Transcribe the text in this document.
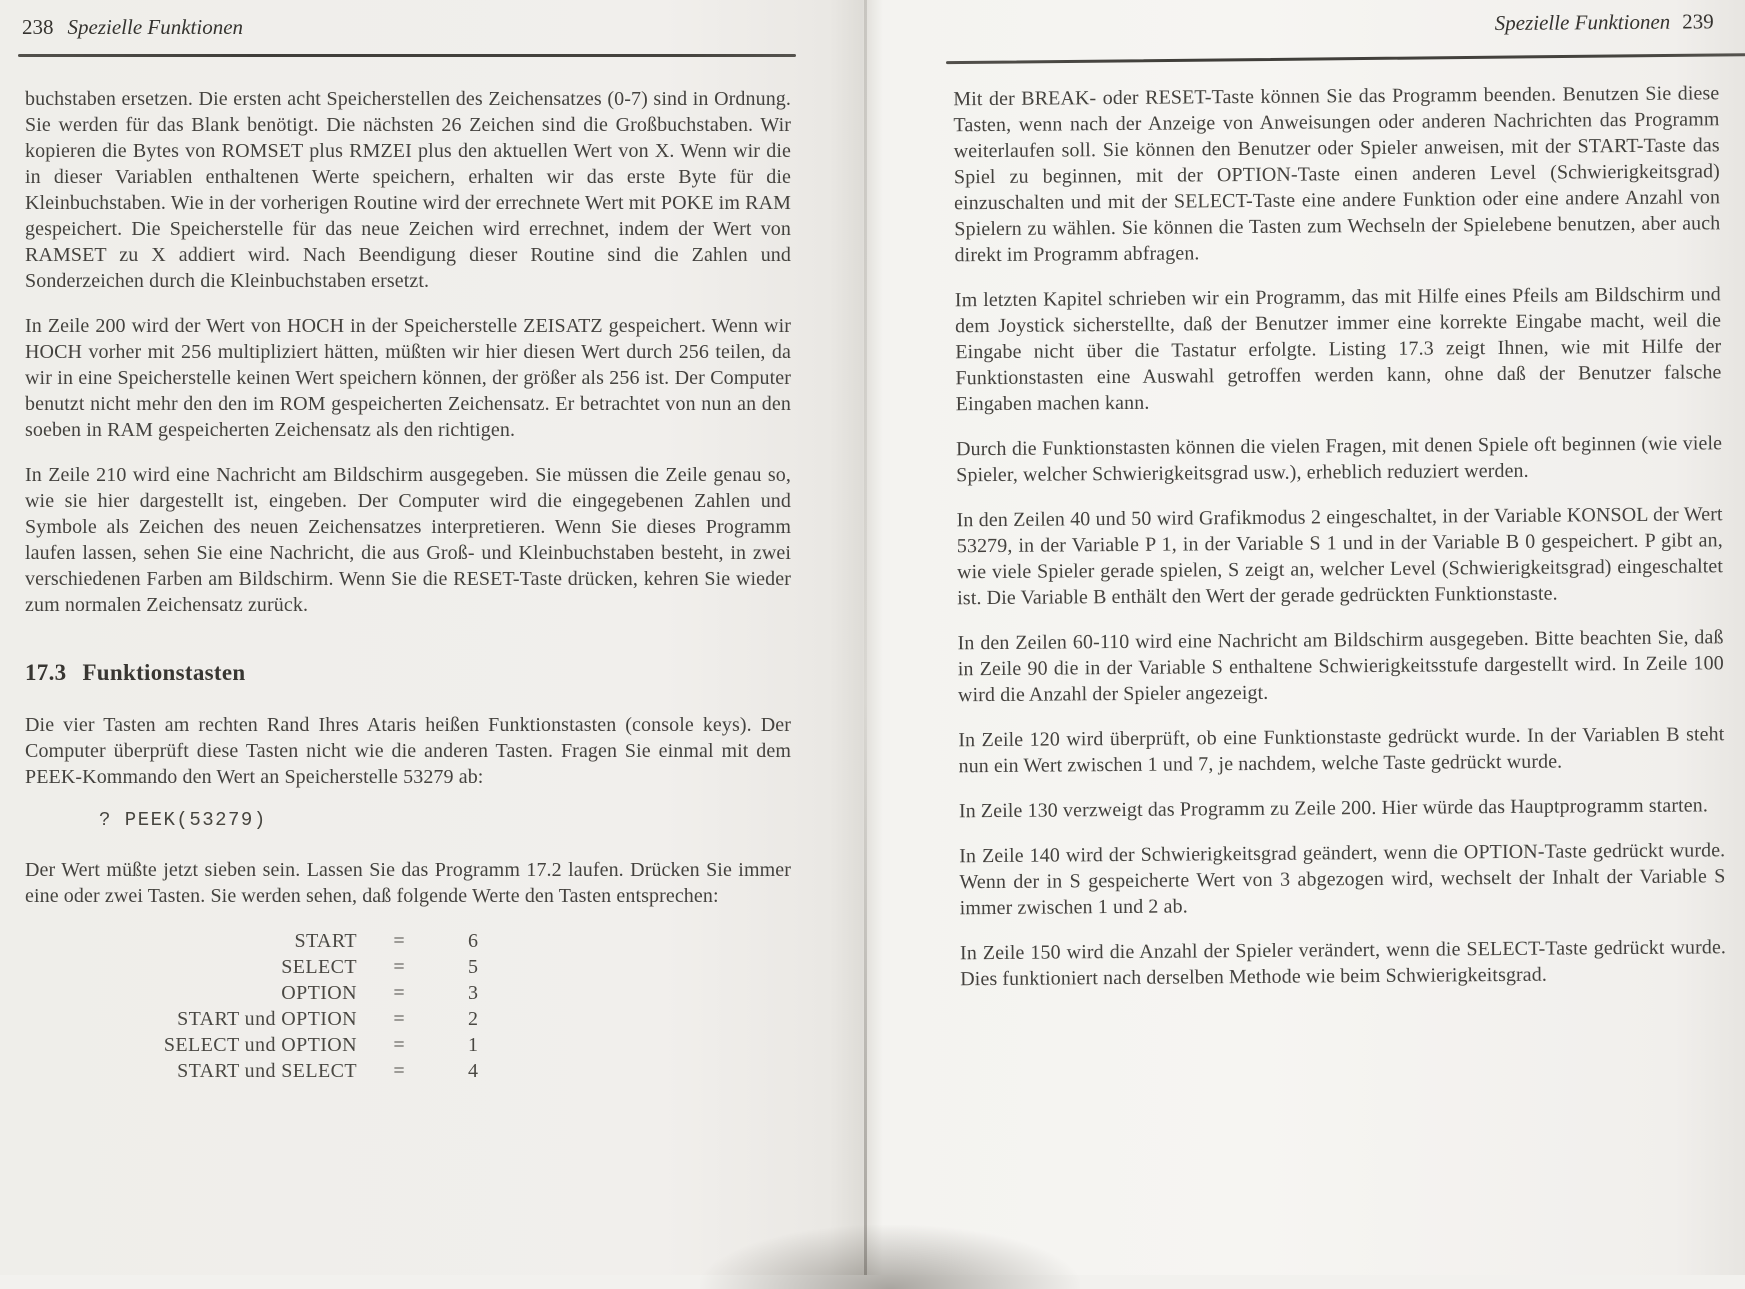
238 Spezielle Funktionen

buchstaben ersetzen. Die ersten acht Speicherstellen des Zeichensatzes (0-7) sind in Ordnung. Sie werden für das Blank benötigt. Die nächsten 26 Zeichen sind die Großbuchstaben. Wir kopieren die Bytes von ROMSET plus RMZEI plus den aktuellen Wert von X. Wenn wir die in dieser Variablen enthaltenen Werte speichern, erhalten wir das erste Byte für die Kleinbuchstaben. Wie in der vorherigen Routine wird der errechnete Wert mit POKE im RAM gespeichert. Die Speicherstelle für das neue Zeichen wird errechnet, indem der Wert von RAMSET zu X addiert wird. Nach Beendigung dieser Routine sind die Zahlen und Sonderzeichen durch die Kleinbuchstaben ersetzt.

In Zeile 200 wird der Wert von HOCH in der Speicherstelle ZEISATZ gespeichert. Wenn wir HOCH vorher mit 256 multipliziert hätten, müßten wir hier diesen Wert durch 256 teilen, da wir in eine Speicherstelle keinen Wert speichern können, der größer als 256 ist. Der Computer benutzt nicht mehr den den im ROM gespeicherten Zeichensatz. Er betrachtet von nun an den soeben in RAM gespeicherten Zeichensatz als den richtigen.

In Zeile 210 wird eine Nachricht am Bildschirm ausgegeben. Sie müssen die Zeile genau so, wie sie hier dargestellt ist, eingeben. Der Computer wird die eingegebenen Zahlen und Symbole als Zeichen des neuen Zeichensatzes interpretieren. Wenn Sie dieses Programm laufen lassen, sehen Sie eine Nachricht, die aus Groß- und Kleinbuchstaben besteht, in zwei verschiedenen Farben am Bildschirm. Wenn Sie die RESET-Taste drücken, kehren Sie wieder zum normalen Zeichensatz zurück.

17.3 Funktionstasten

Die vier Tasten am rechten Rand Ihres Ataris heißen Funktionstasten (console keys). Der Computer überprüft diese Tasten nicht wie die anderen Tasten. Fragen Sie einmal mit dem PEEK-Kommando den Wert an Speicherstelle 53279 ab:

? PEEK(53279)

Der Wert müßte jetzt sieben sein. Lassen Sie das Programm 17.2 laufen. Drücken Sie immer eine oder zwei Tasten. Sie werden sehen, daß folgende Werte den Tasten entsprechen:

START	=	6
SELECT	=	5
OPTION	=	3
START und OPTION	=	2
SELECT und OPTION	=	1
START und SELECT	=	4
Spezielle Funktionen 239

Mit der BREAK- oder RESET-Taste können Sie das Programm beenden. Benutzen Sie diese Tasten, wenn nach der Anzeige von Anweisungen oder anderen Nachrichten das Programm weiterlaufen soll. Sie können den Benutzer oder Spieler anweisen, mit der START-Taste das Spiel zu beginnen, mit der OPTION-Taste einen anderen Level (Schwierigkeitsgrad) einzuschalten und mit der SELECT-Taste eine andere Funktion oder eine andere Anzahl von Spielern zu wählen. Sie können die Tasten zum Wechseln der Spielebene benutzen, aber auch direkt im Programm abfragen.

Im letzten Kapitel schrieben wir ein Programm, das mit Hilfe eines Pfeils am Bildschirm und dem Joystick sicherstellte, daß der Benutzer immer eine korrekte Eingabe macht, weil die Eingabe nicht über die Tastatur erfolgte. Listing 17.3 zeigt Ihnen, wie mit Hilfe der Funktionstasten eine Auswahl getroffen werden kann, ohne daß der Benutzer falsche Eingaben machen kann.

Durch die Funktionstasten können die vielen Fragen, mit denen Spiele oft beginnen (wie viele Spieler, welcher Schwierigkeitsgrad usw.), erheblich reduziert werden.

In den Zeilen 40 und 50 wird Grafikmodus 2 eingeschaltet, in der Variable KONSOL der Wert 53279, in der Variable P 1, in der Variable S 1 und in der Variable B 0 gespeichert. P gibt an, wie viele Spieler gerade spielen, S zeigt an, welcher Level (Schwierigkeitsgrad) eingeschaltet ist. Die Variable B enthält den Wert der gerade gedrückten Funktionstaste.

In den Zeilen 60-110 wird eine Nachricht am Bildschirm ausgegeben. Bitte beachten Sie, daß in Zeile 90 die in der Variable S enthaltene Schwierigkeitsstufe dargestellt wird. In Zeile 100 wird die Anzahl der Spieler angezeigt.

In Zeile 120 wird überprüft, ob eine Funktionstaste gedrückt wurde. In der Variablen B steht nun ein Wert zwischen 1 und 7, je nachdem, welche Taste gedrückt wurde.

In Zeile 130 verzweigt das Programm zu Zeile 200. Hier würde das Hauptprogramm starten.

In Zeile 140 wird der Schwierigkeitsgrad geändert, wenn die OPTION-Taste gedrückt wurde. Wenn der in S gespeicherte Wert von 3 abgezogen wird, wechselt der Inhalt der Variable S immer zwischen 1 und 2 ab.

In Zeile 150 wird die Anzahl der Spieler verändert, wenn die SELECT-Taste gedrückt wurde. Dies funktioniert nach derselben Methode wie beim Schwierigkeitsgrad.
